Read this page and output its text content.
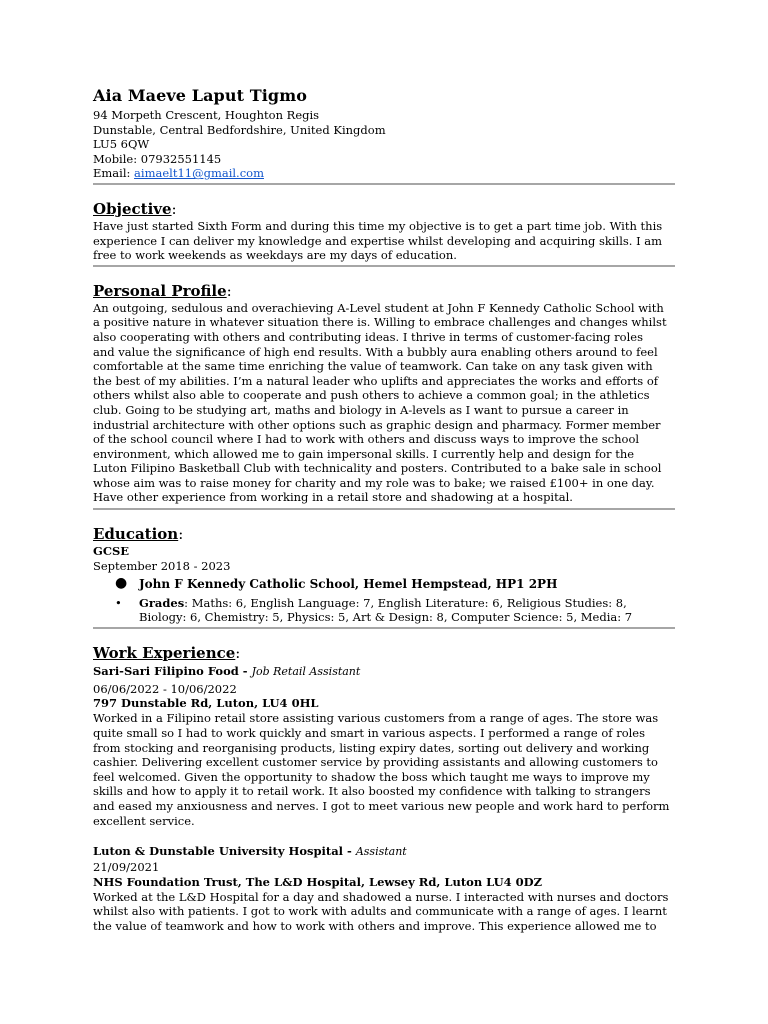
Aia Maeve Laput Tigmo
94 Morpeth Crescent, Houghton Regis
Dunstable, Central Bedfordshire, United Kingdom
LU5 6QW
Mobile: 07932551145
Email: aimaelt11@gmail.com
Objective:

Have just started Sixth Form and during this time my objective is to get a part time job. With this

experience I can deliver my knowledge and expertise whilst developing and acquiring skills. I am

free to work weekends as weekdays are my days of education.

Personal Profile:

An outgoing, sedulous and overachieving A-Level student at John F Kennedy Catholic School with

a positive nature in whatever situation there is. Willing to embrace challenges and changes whilst

also cooperating with others and contributing ideas. I thrive in terms of customer-facing roles

and value the significance of high end results. With a bubbly aura enabling others around to feel

comfortable at the same time enriching the value of teamwork. Can take on any task given with

the best of my abilities. I’m a natural leader who uplifts and appreciates the works and efforts of

others whilst also able to cooperate and push others to achieve a common goal; in the athletics

club. Going to be studying art, maths and biology in A-levels as I want to pursue a career in

industrial architecture with other options such as graphic design and pharmacy. Former member

of the school council where I had to work with others and discuss ways to improve the school

environment, which allowed me to gain impersonal skills. I currently help and design for the

Luton Filipino Basketball Club with technicality and posters. Contributed to a bake sale in school

whose aim was to raise money for charity and my role was to bake; we raised £100+ in one day.

Have other experience from working in a retail store and shadowing at a hospital.

Education:
GCSE
September 2018 - 2023
● John F Kennedy Catholic School, Hemel Hempstead, HP1 2PH
• Grades: Maths: 6, English Language: 7, English Literature: 6, Religious Studies: 8,
Biology: 6, Chemistry: 5, Physics: 5, Art & Design: 8, Computer Science: 5, Media: 7
Work Experience:
Sari-Sari Filipino Food - Job Retail Assistant
06/06/2022 - 10/06/2022
797 Dunstable Rd, Luton, LU4 0HL

Worked in a Filipino retail store assisting various customers from a range of ages. The store was

quite small so I had to work quickly and smart in various aspects. I performed a range of roles

from stocking and reorganising products, listing expiry dates, sorting out delivery and working

cashier. Delivering excellent customer service by providing assistants and allowing customers to

feel welcomed. Given the opportunity to shadow the boss which taught me ways to improve my

skills and how to apply it to retail work. It also boosted my confidence with talking to strangers

and eased my anxiousness and nerves. I got to meet various new people and work hard to perform

excellent service.

Luton & Dunstable University Hospital - Assistant
21/09/2021
NHS Foundation Trust, The L&D Hospital, Lewsey Rd, Luton LU4 0DZ

Worked at the L&D Hospital for a day and shadowed a nurse. I interacted with nurses and doctors

whilst also with patients. I got to work with adults and communicate with a range of ages. I learnt

the value of teamwork and how to work with others and improve. This experience allowed me to
